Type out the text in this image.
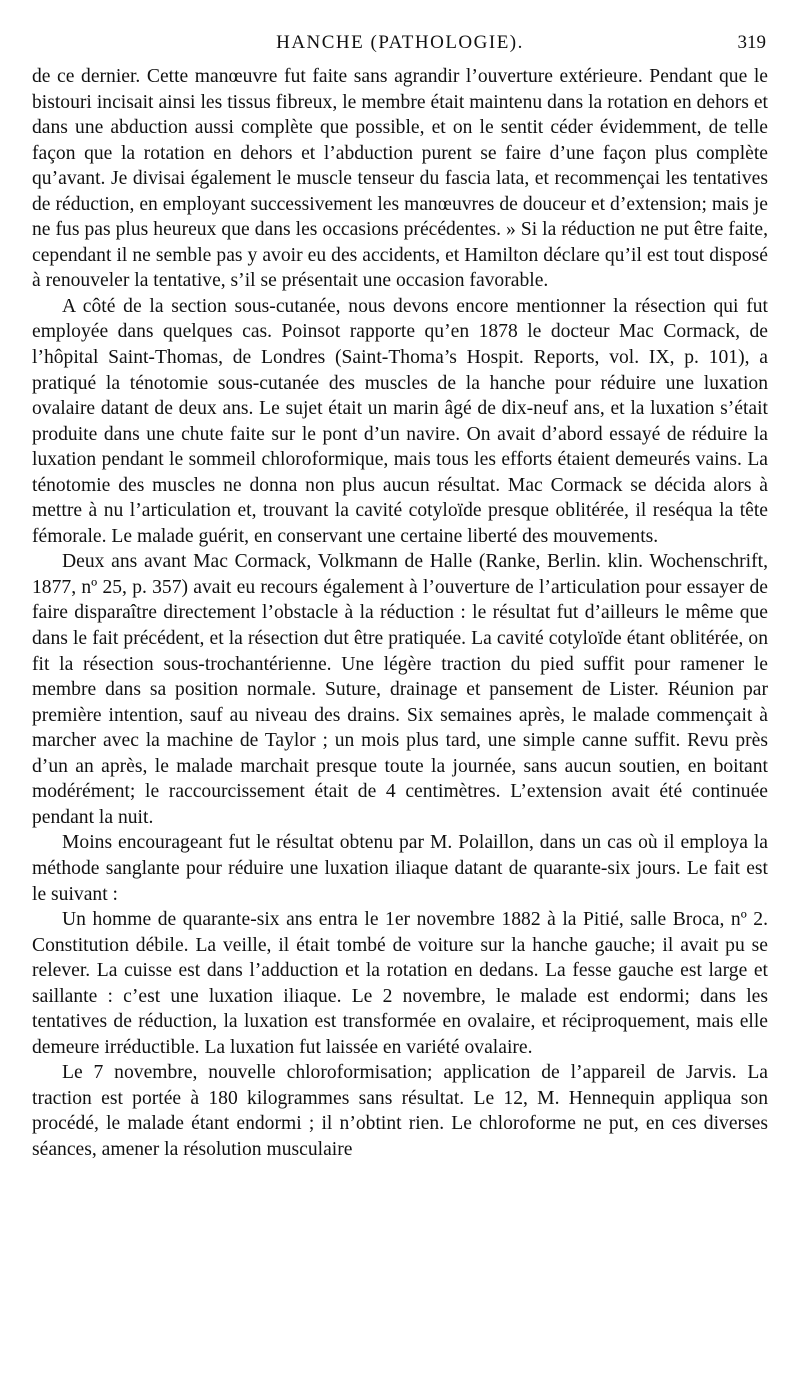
HANCHE (PATHOLOGIE).	319

de ce dernier. Cette manœuvre fut faite sans agrandir l’ouverture extérieure. Pendant que le bistouri incisait ainsi les tissus fibreux, le membre était maintenu dans la rotation en dehors et dans une abduction aussi complète que possible, et on le sentit céder évidemment, de telle façon que la rotation en dehors et l’abduction purent se faire d’une façon plus complète qu’avant. Je divisai également le muscle tenseur du fascia lata, et recommençai les tentatives de réduction, en employant successivement les manœuvres de douceur et d’extension; mais je ne fus pas plus heureux que dans les occasions précédentes. » Si la réduction ne put être faite, cependant il ne semble pas y avoir eu des accidents, et Hamilton déclare qu’il est tout disposé à renouveler la tentative, s’il se présentait une occasion favorable.

A côté de la section sous-cutanée, nous devons encore mentionner la résection qui fut employée dans quelques cas. Poinsot rapporte qu’en 1878 le docteur Mac Cormack, de l’hôpital Saint-Thomas, de Londres (Saint-Thoma’s Hospit. Reports, vol. IX, p. 101), a pratiqué la ténotomie sous-cutanée des muscles de la hanche pour réduire une luxation ovalaire datant de deux ans. Le sujet était un marin âgé de dix-neuf ans, et la luxation s’était produite dans une chute faite sur le pont d’un navire. On avait d’abord essayé de réduire la luxation pendant le sommeil chloroformique, mais tous les efforts étaient demeurés vains. La ténotomie des muscles ne donna non plus aucun résultat. Mac Cormack se décida alors à mettre à nu l’articulation et, trouvant la cavité cotyloïde presque oblitérée, il reséqua la tête fémorale. Le malade guérit, en conservant une certaine liberté des mouvements.

Deux ans avant Mac Cormack, Volkmann de Halle (Ranke, Berlin. klin. Wochenschrift, 1877, nº 25, p. 357) avait eu recours également à l’ouverture de l’articulation pour essayer de faire disparaître directement l’obstacle à la réduction : le résultat fut d’ailleurs le même que dans le fait précédent, et la résection dut être pratiquée. La cavité cotyloïde étant oblitérée, on fit la résection sous-trochantérienne. Une légère traction du pied suffit pour ramener le membre dans sa position normale. Suture, drainage et pansement de Lister. Réunion par première intention, sauf au niveau des drains. Six semaines après, le malade commençait à marcher avec la machine de Taylor ; un mois plus tard, une simple canne suffit. Revu près d’un an après, le malade marchait presque toute la journée, sans aucun soutien, en boitant modérément; le raccourcissement était de 4 centimètres. L’extension avait été continuée pendant la nuit.

Moins encourageant fut le résultat obtenu par M. Polaillon, dans un cas où il employa la méthode sanglante pour réduire une luxation iliaque datant de quarante-six jours. Le fait est le suivant :

Un homme de quarante-six ans entra le 1er novembre 1882 à la Pitié, salle Broca, nº 2. Constitution débile. La veille, il était tombé de voiture sur la hanche gauche; il avait pu se relever. La cuisse est dans l’adduction et la rotation en dedans. La fesse gauche est large et saillante : c’est une luxation iliaque. Le 2 novembre, le malade est endormi; dans les tentatives de réduction, la luxation est transformée en ovalaire, et réciproquement, mais elle demeure irréductible. La luxation fut laissée en variété ovalaire.

Le 7 novembre, nouvelle chloroformisation; application de l’appareil de Jarvis. La traction est portée à 180 kilogrammes sans résultat. Le 12, M. Hennequin appliqua son procédé, le malade étant endormi ; il n’obtint rien. Le chloroforme ne put, en ces diverses séances, amener la résolution musculaire
